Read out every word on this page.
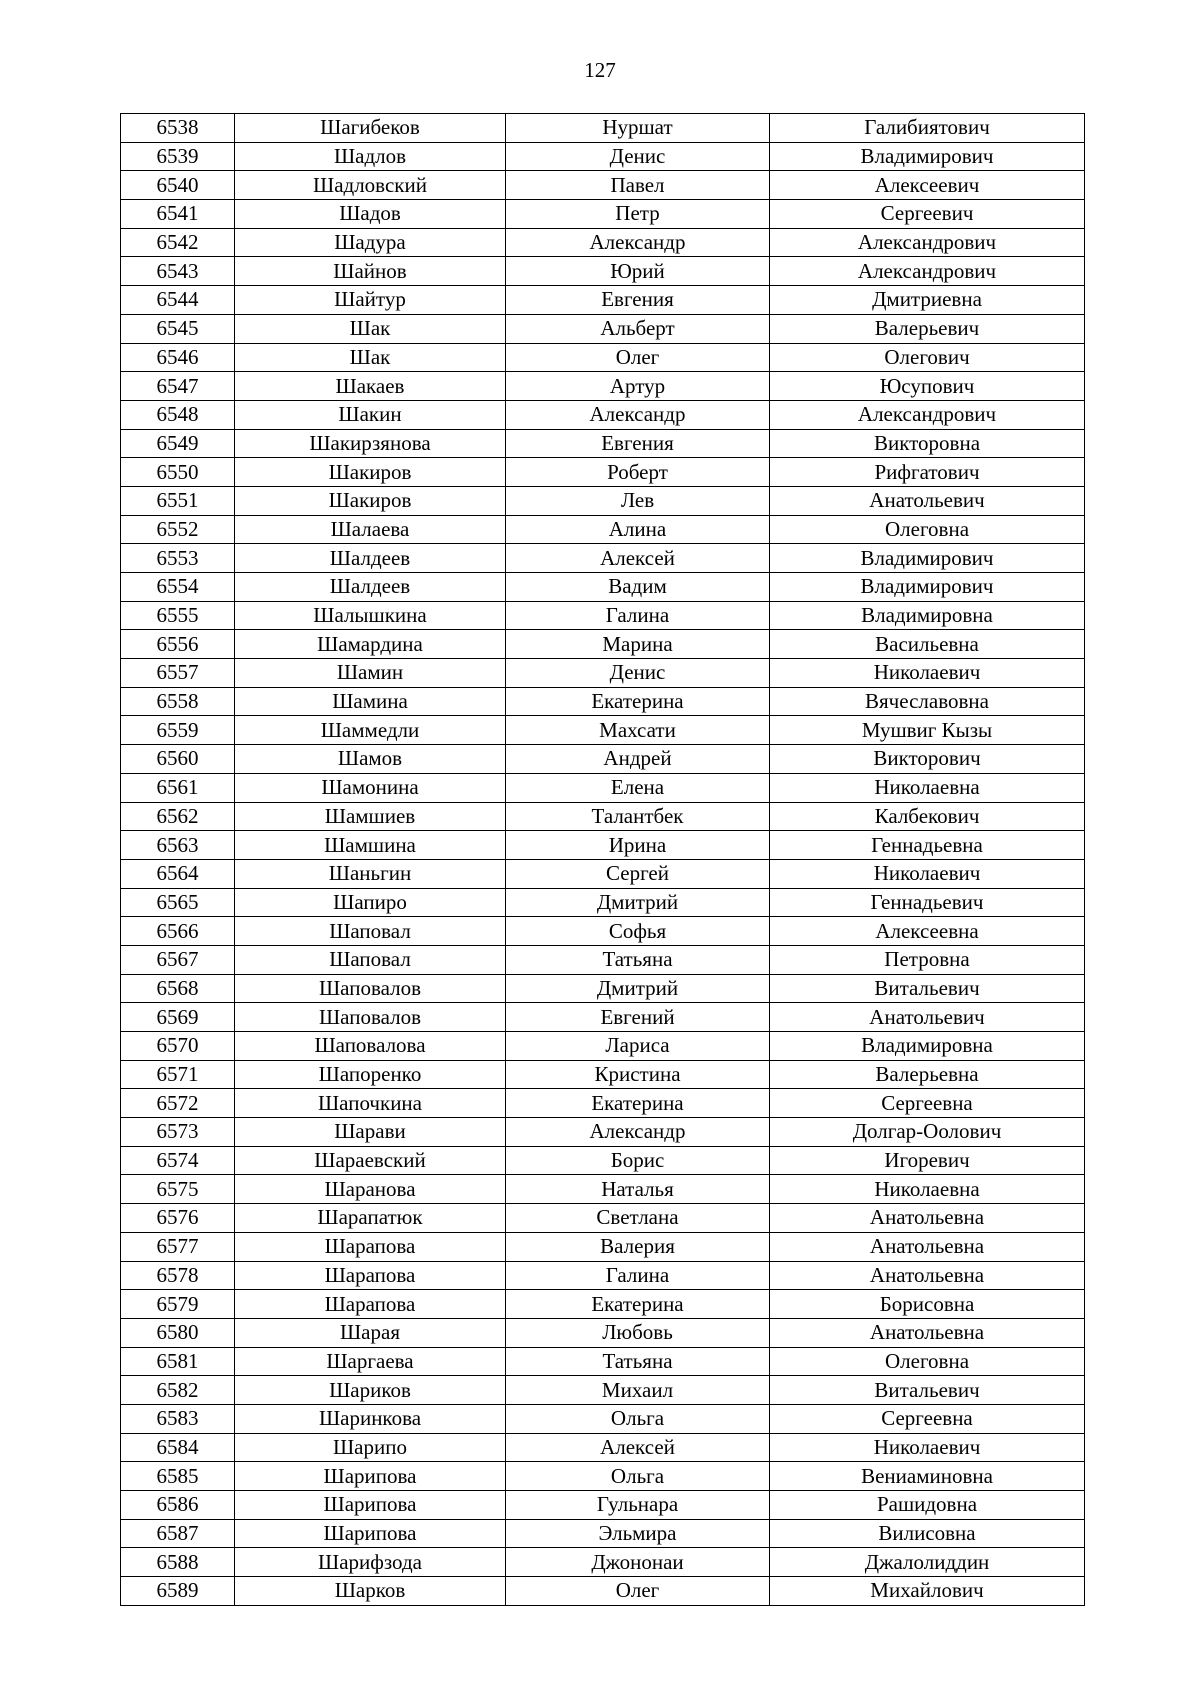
127
6538	Шагибеков	Нуршат	Галибиятович
6539	Шадлов	Денис	Владимирович
6540	Шадловский	Павел	Алексеевич
6541	Шадов	Петр	Сергеевич
6542	Шадура	Александр	Александрович
6543	Шайнов	Юрий	Александрович
6544	Шайтур	Евгения	Дмитриевна
6545	Шак	Альберт	Валерьевич
6546	Шак	Олег	Олегович
6547	Шакаев	Артур	Юсупович
6548	Шакин	Александр	Александрович
6549	Шакирзянова	Евгения	Викторовна
6550	Шакиров	Роберт	Рифгатович
6551	Шакиров	Лев	Анатольевич
6552	Шалаева	Алина	Олеговна
6553	Шалдеев	Алексей	Владимирович
6554	Шалдеев	Вадим	Владимирович
6555	Шалышкина	Галина	Владимировна
6556	Шамардина	Марина	Васильевна
6557	Шамин	Денис	Николаевич
6558	Шамина	Екатерина	Вячеславовна
6559	Шаммедли	Махсати	Мушвиг Кызы
6560	Шамов	Андрей	Викторович
6561	Шамонина	Елена	Николаевна
6562	Шамшиев	Талантбек	Калбекович
6563	Шамшина	Ирина	Геннадьевна
6564	Шаньгин	Сергей	Николаевич
6565	Шапиро	Дмитрий	Геннадьевич
6566	Шаповал	Софья	Алексеевна
6567	Шаповал	Татьяна	Петровна
6568	Шаповалов	Дмитрий	Витальевич
6569	Шаповалов	Евгений	Анатольевич
6570	Шаповалова	Лариса	Владимировна
6571	Шапоренко	Кристина	Валерьевна
6572	Шапочкина	Екатерина	Сергеевна
6573	Шарави	Александр	Долгар-Оолович
6574	Шараевский	Борис	Игоревич
6575	Шаранова	Наталья	Николаевна
6576	Шарапатюк	Светлана	Анатольевна
6577	Шарапова	Валерия	Анатольевна
6578	Шарапова	Галина	Анатольевна
6579	Шарапова	Екатерина	Борисовна
6580	Шарая	Любовь	Анатольевна
6581	Шаргаева	Татьяна	Олеговна
6582	Шариков	Михаил	Витальевич
6583	Шаринкова	Ольга	Сергеевна
6584	Шарипо	Алексей	Николаевич
6585	Шарипова	Ольга	Вениаминовна
6586	Шарипова	Гульнара	Рашидовна
6587	Шарипова	Эльмира	Вилисовна
6588	Шарифзода	Джононаи	Джалолиддин
6589	Шарков	Олег	Михайлович
